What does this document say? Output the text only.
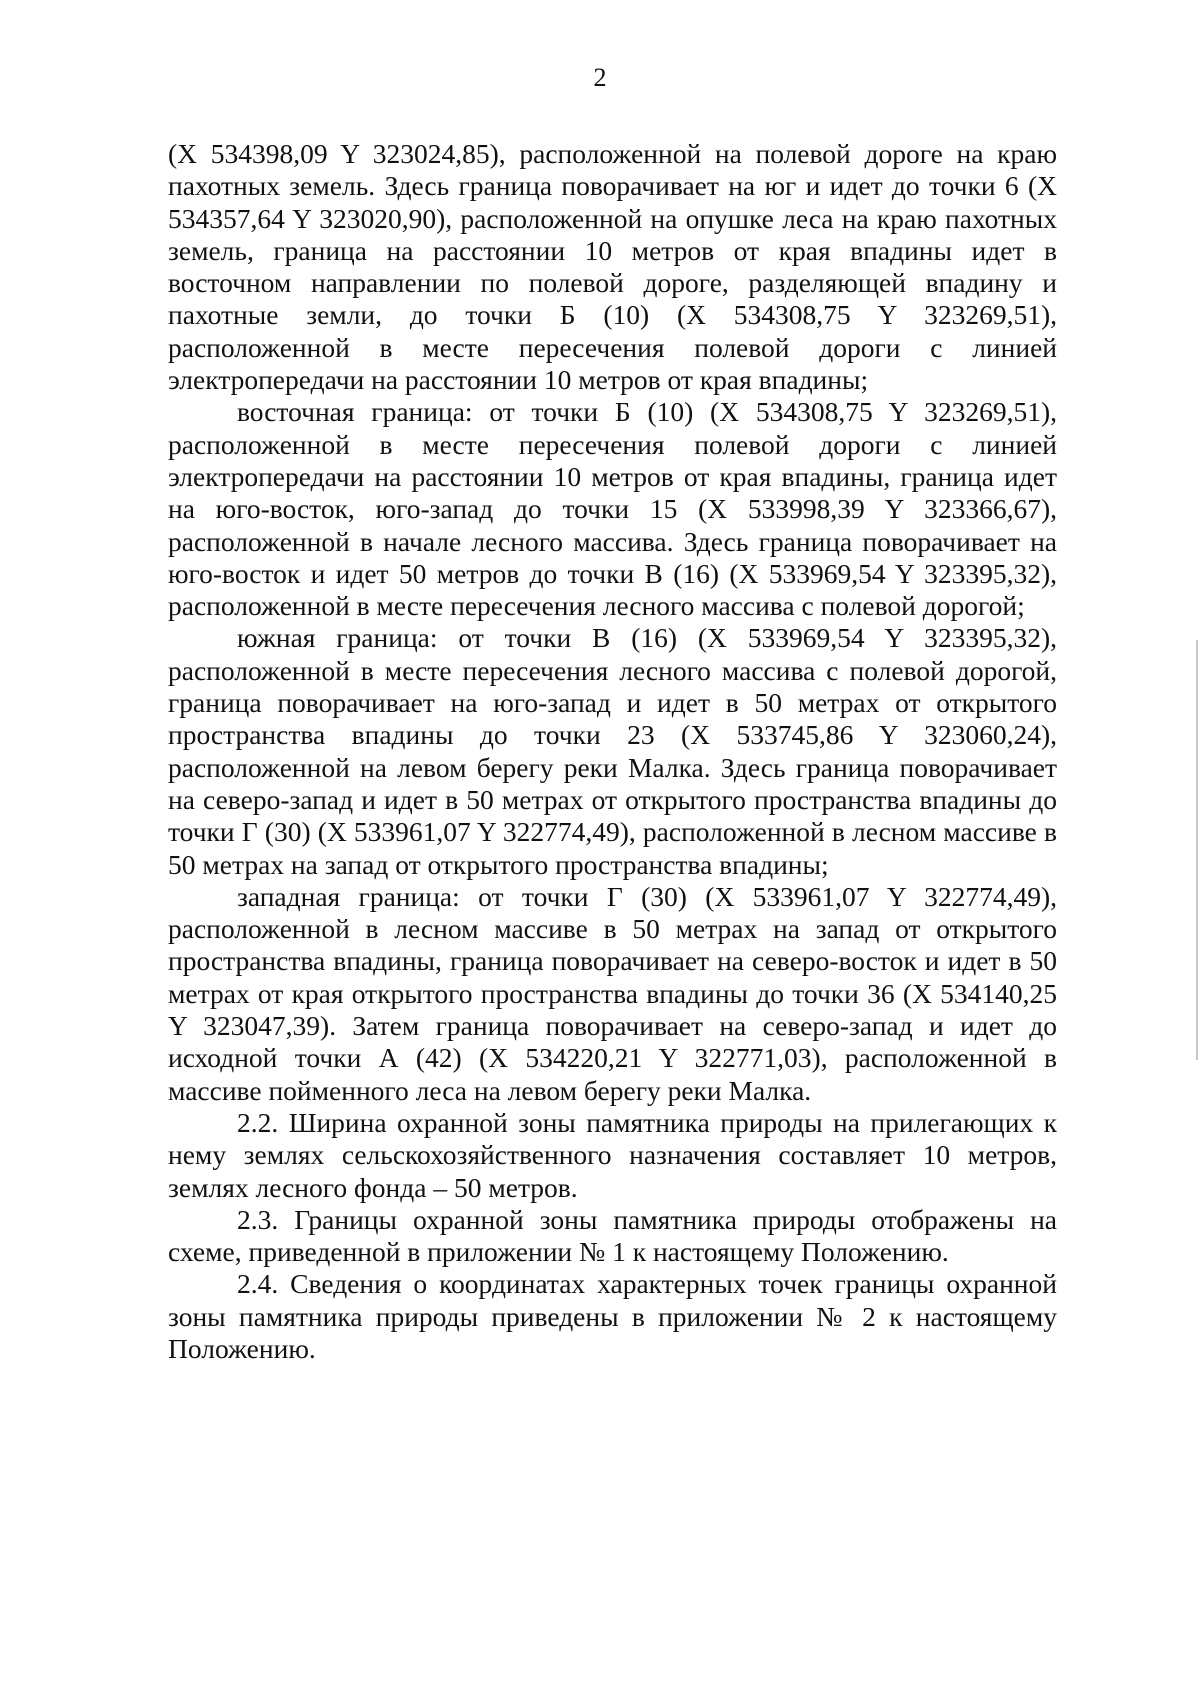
2

(X 534398,09 Y 323024,85), расположенной на полевой дороге на краю пахотных земель. Здесь граница поворачивает на юг и идет до точки 6 (X 534357,64 Y 323020,90), расположенной на опушке леса на краю пахотных земель, граница на расстоянии 10 метров от края впадины идет в восточном направлении по полевой дороге, разделяющей впадину и пахотные земли, до точки Б (10) (X 534308,75 Y 323269,51), расположенной в месте пересечения полевой дороги с линией электропередачи на расстоянии 10 метров от края впадины;

восточная граница: от точки Б (10) (X 534308,75 Y 323269,51), расположенной в месте пересечения полевой дороги с линией электропередачи на расстоянии 10 метров от края впадины, граница идет на юго-восток, юго-запад до точки 15 (X 533998,39 Y 323366,67), расположенной в начале лесного массива. Здесь граница поворачивает на юго-восток и идет 50 метров до точки В (16) (X 533969,54 Y 323395,32), расположенной в месте пересечения лесного массива с полевой дорогой;

южная граница: от точки В (16) (X 533969,54 Y 323395,32), расположенной в месте пересечения лесного массива с полевой дорогой, граница поворачивает на юго-запад и идет в 50 метрах от открытого пространства впадины до точки 23 (X 533745,86 Y 323060,24), расположенной на левом берегу реки Малка. Здесь граница поворачивает на северо-запад и идет в 50 метрах от открытого пространства впадины до точки Г (30) (X 533961,07 Y 322774,49), расположенной в лесном массиве в 50 метрах на запад от открытого пространства впадины;

западная граница: от точки Г (30) (X 533961,07 Y 322774,49), расположенной в лесном массиве в 50 метрах на запад от открытого пространства впадины, граница поворачивает на северо-восток и идет в 50 метрах от края открытого пространства впадины до точки 36 (X 534140,25 Y 323047,39). Затем граница поворачивает на северо-запад и идет до исходной точки А (42) (X 534220,21 Y 322771,03), расположенной в массиве пойменного леса на левом берегу реки Малка.

2.2. Ширина охранной зоны памятника природы на прилегающих к нему землях сельскохозяйственного назначения составляет 10 метров, землях лесного фонда – 50 метров.

2.3. Границы охранной зоны памятника природы отображены на схеме, приведенной в приложении № 1 к настоящему Положению.

2.4. Сведения о координатах характерных точек границы охранной зоны памятника природы приведены в приложении № 2 к настоящему Положению.
